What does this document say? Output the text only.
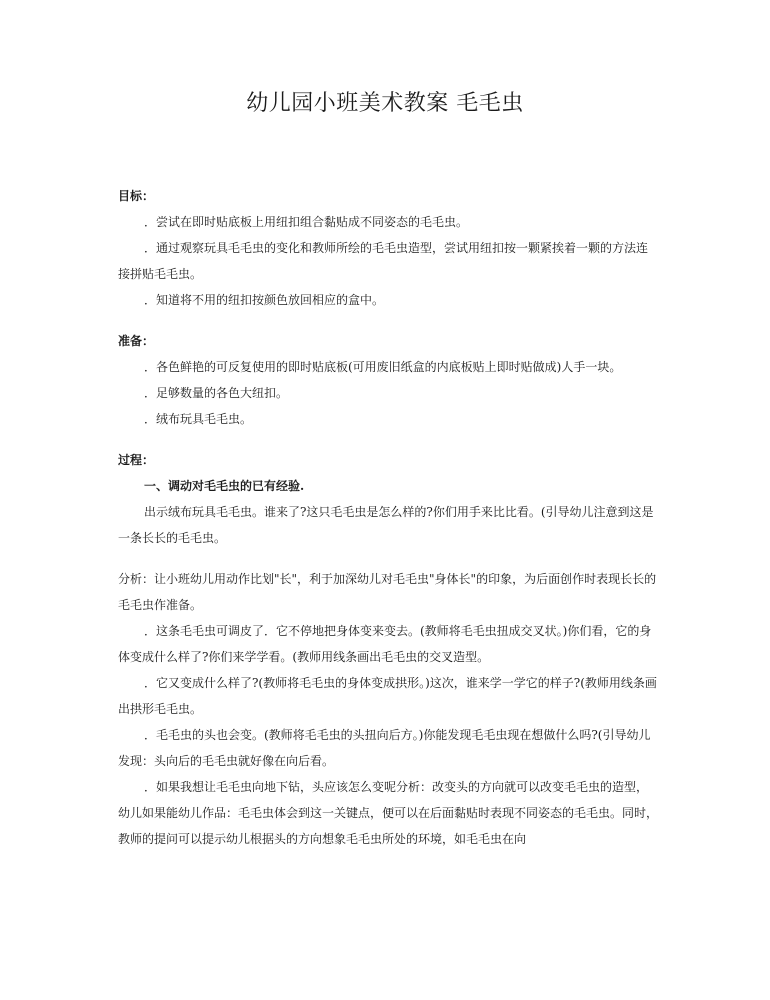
幼儿园小班美术教案 毛毛虫

目标：

．尝试在即时贴底板上用纽扣组合黏贴成不同姿态的毛毛虫。

．通过观察玩具毛毛虫的变化和教师所绘的毛毛虫造型，尝试用纽扣按一颗紧挨着一颗的方法连接拼贴毛毛虫。

．知道将不用的纽扣按颜色放回相应的盒中。

准备：

．各色鲜艳的可反复使用的即时贴底板(可用废旧纸盒的内底板贴上即时贴做成)人手一块。

．足够数量的各色大纽扣。

．绒布玩具毛毛虫。

过程：

一、调动对毛毛虫的已有经验.

出示绒布玩具毛毛虫。谁来了?这只毛毛虫是怎么样的?你们用手来比比看。(引导幼儿注意到这是一条长长的毛毛虫。

分析：让小班幼儿用动作比划"长"，利于加深幼儿对毛毛虫"身体长"的印象，为后面创作时表现长长的毛毛虫作准备。

．这条毛毛虫可调皮了．它不停地把身体变来变去。(教师将毛毛虫扭成交叉状。)你们看，它的身体变成什么样了?你们来学学看。(教师用线条画出毛毛虫的交叉造型。

．它又变成什么样了?(教师将毛毛虫的身体变成拱形。)这次，谁来学一学它的样子?(教师用线条画出拱形毛毛虫。

．毛毛虫的头也会变。(教师将毛毛虫的头扭向后方。)你能发现毛毛虫现在想做什么吗?(引导幼儿发现：头向后的毛毛虫就好像在向后看。

．如果我想让毛毛虫向地下钻，头应该怎么变呢分析：改变头的方向就可以改变毛毛虫的造型，幼儿如果能幼儿作品：毛毛虫体会到这一关键点，便可以在后面黏贴时表现不同姿态的毛毛虫。同时，教师的提问可以提示幼儿根据头的方向想象毛毛虫所处的环境，如毛毛虫在向
